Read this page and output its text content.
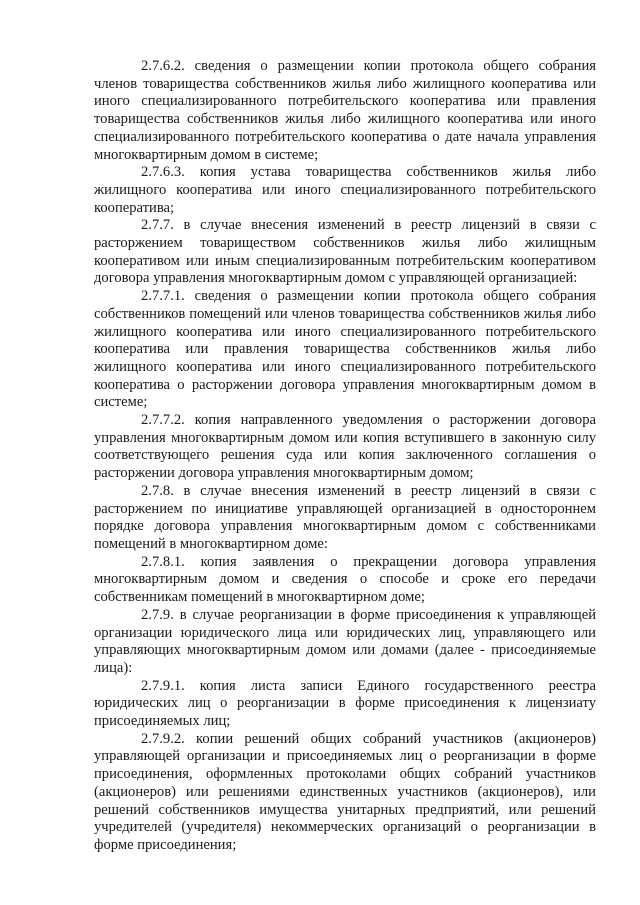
2.7.6.2. сведения о размещении копии протокола общего собрания членов товарищества собственников жилья либо жилищного кооператива или иного специализированного потребительского кооператива или правления товарищества собственников жилья либо жилищного кооператива или иного специализированного потребительского кооператива о дате начала управления многоквартирным домом в системе;

2.7.6.3. копия устава товарищества собственников жилья либо жилищного кооператива или иного специализированного потребительского кооператива;

2.7.7. в случае внесения изменений в реестр лицензий в связи с расторжением товариществом собственников жилья либо жилищным кооперативом или иным специализированным потребительским кооперативом договора управления многоквартирным домом с управляющей организацией:

2.7.7.1. сведения о размещении копии протокола общего собрания собственников помещений или членов товарищества собственников жилья либо жилищного кооператива или иного специализированного потребительского кооператива или правления товарищества собственников жилья либо жилищного кооператива или иного специализированного потребительского кооператива о расторжении договора управления многоквартирным домом в системе;

2.7.7.2. копия направленного уведомления о расторжении договора управления многоквартирным домом или копия вступившего в законную силу соответствующего решения суда или копия заключенного соглашения о расторжении договора управления многоквартирным домом;

2.7.8. в случае внесения изменений в реестр лицензий в связи с расторжением по инициативе управляющей организацией в одностороннем порядке договора управления многоквартирным домом с собственниками помещений в многоквартирном доме:

2.7.8.1. копия заявления о прекращении договора управления многоквартирным домом и сведения о способе и сроке его передачи собственникам помещений в многоквартирном доме;

2.7.9. в случае реорганизации в форме присоединения к управляющей организации юридического лица или юридических лиц, управляющего или управляющих многоквартирным домом или домами (далее - присоединяемые лица):

2.7.9.1. копия листа записи Единого государственного реестра юридических лиц о реорганизации в форме присоединения к лицензиату присоединяемых лиц;

2.7.9.2. копии решений общих собраний участников (акционеров) управляющей организации и присоединяемых лиц о реорганизации в форме присоединения, оформленных протоколами общих собраний участников (акционеров) или решениями единственных участников (акционеров), или решений собственников имущества унитарных предприятий, или решений учредителей (учредителя) некоммерческих организаций о реорганизации в форме присоединения;
